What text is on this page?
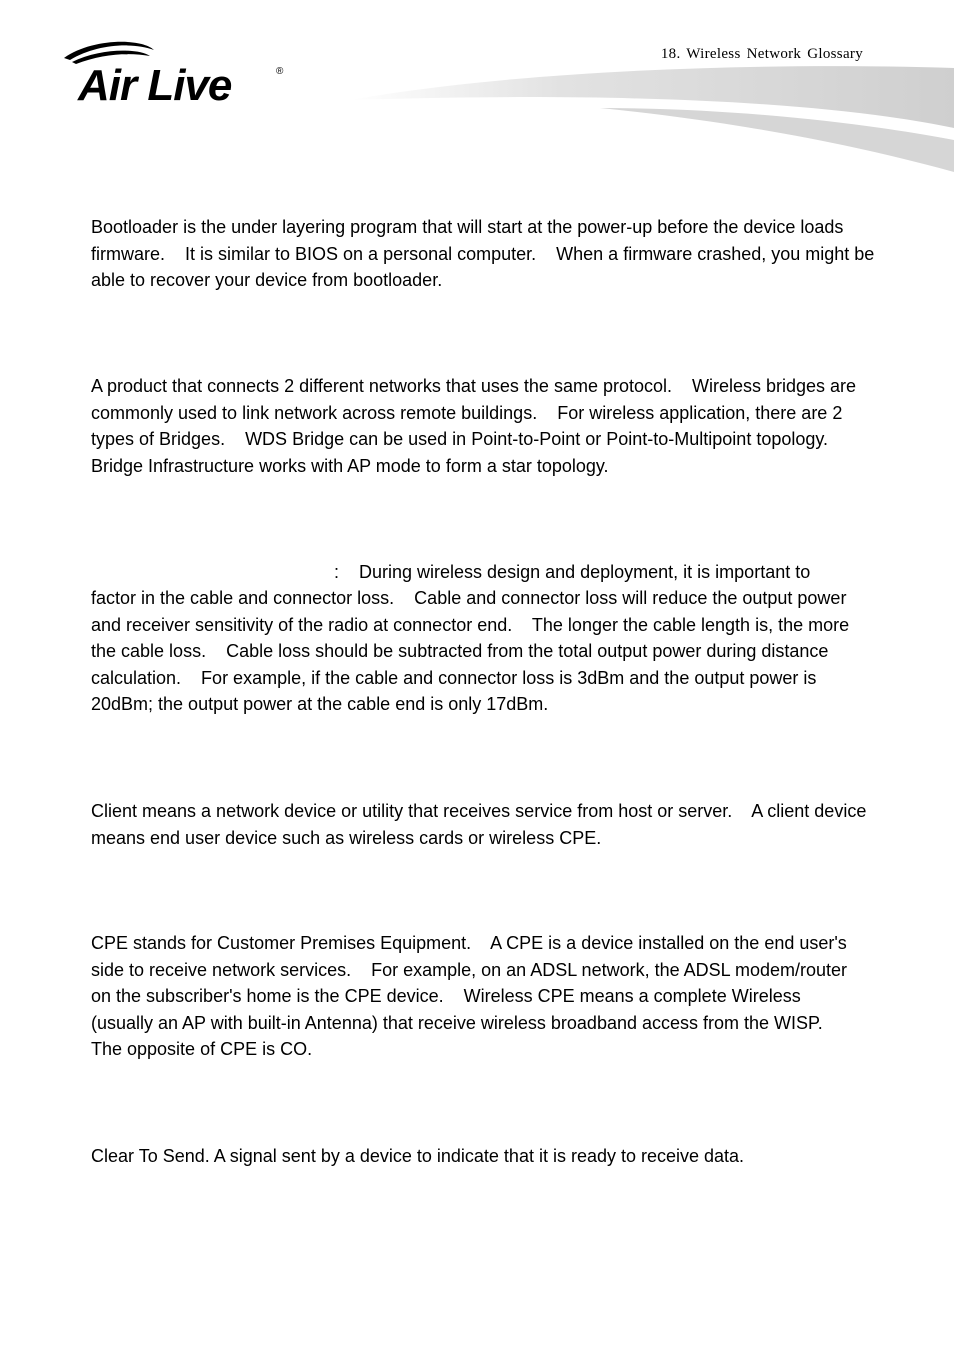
Air Live	®
18. Wireless Network Glossary

Bootloader is the under layering program that will start at the power-up before the device loads firmware.    It is similar to BIOS on a personal computer.    When a firmware crashed, you might be able to recover your device from bootloader.

A product that connects 2 different networks that uses the same protocol.    Wireless bridges are commonly used to link network across remote buildings.    For wireless application, there are 2 types of Bridges.    WDS Bridge can be used in Point-to-Point or Point-to-Multipoint topology.    Bridge Infrastructure works with AP mode to form a star topology.

:    During wireless design and deployment, it is important to

factor in the cable and connector loss.    Cable and connector loss will reduce the output power and receiver sensitivity of the radio at connector end.    The longer the cable length is, the more the cable loss.    Cable loss should be subtracted from the total output power during distance calculation.    For example, if the cable and connector loss is 3dBm and the output power is 20dBm; the output power at the cable end is only 17dBm.

Client means a network device or utility that receives service from host or server.    A client device means end user device such as wireless cards or wireless CPE.

CPE stands for Customer Premises Equipment.    A CPE is a device installed on the end user's side to receive network services.    For example, on an ADSL network, the ADSL modem/router on the subscriber's home is the CPE device.    Wireless CPE means a complete Wireless (usually an AP with built-in Antenna) that receive wireless broadband access from the WISP.    The opposite of CPE is CO.

Clear To Send. A signal sent by a device to indicate that it is ready to receive data.
